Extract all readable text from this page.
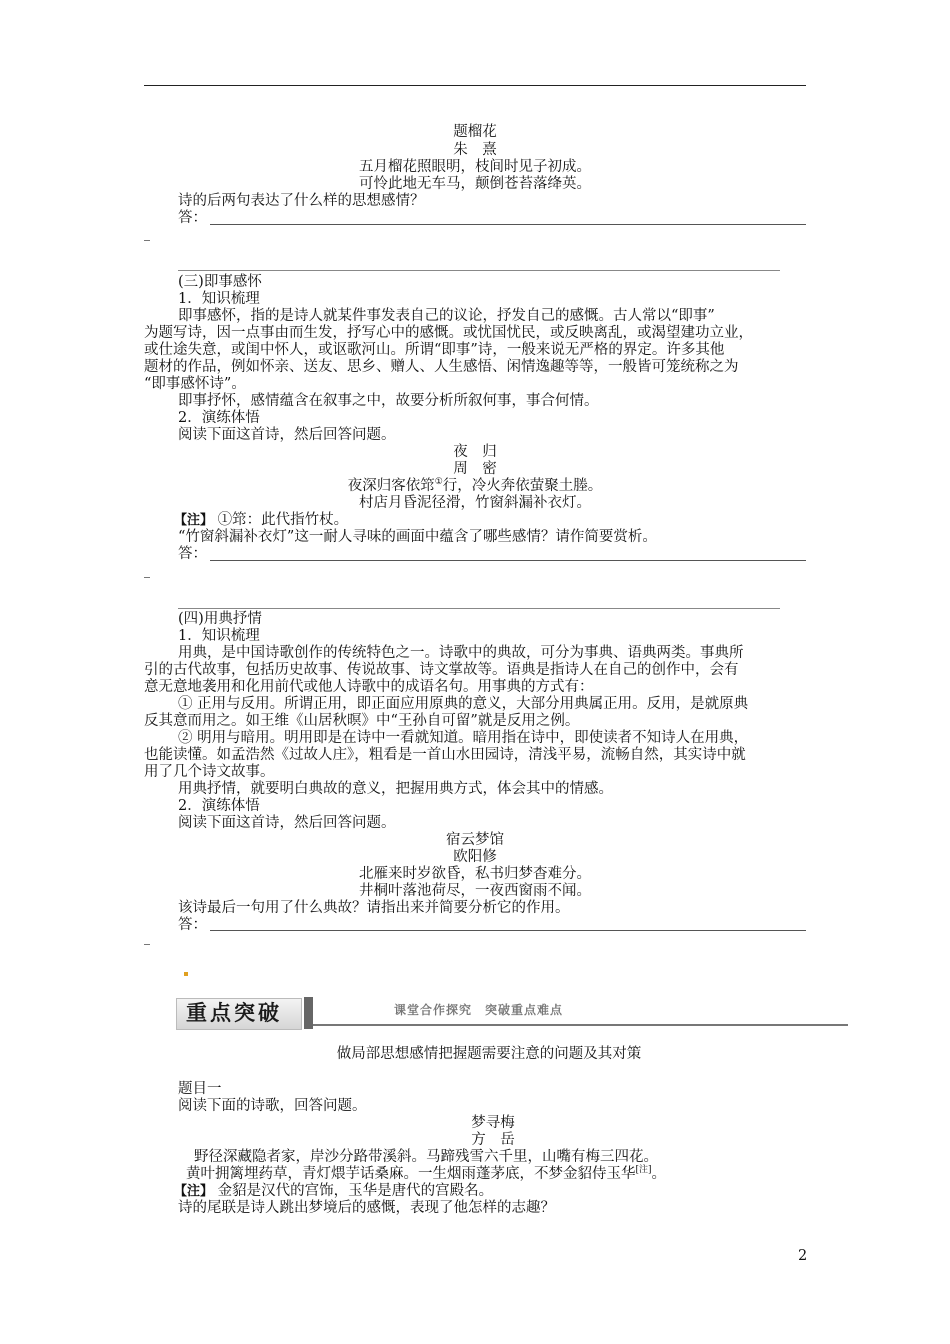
题榴花
朱　熹
五月榴花照眼明，枝间时见子初成。
可怜此地无车马，颠倒苍苔落绛英。
诗的后两句表达了什么样的思想感情？
答：
(三)即事感怀
1．知识梳理
即事感怀，指的是诗人就某件事发表自己的议论，抒发自己的感慨。古人常以“即事”
为题写诗，因一点事由而生发，抒写心中的感慨。或忧国忧民，或反映离乱，或渴望建功立业，
或仕途失意，或闺中怀人，或讴歌河山。所谓“即事”诗，一般来说无严格的界定。许多其他
题材的作品，例如怀亲、送友、思乡、赠人、人生感悟、闲情逸趣等等，一般皆可笼统称之为
“即事感怀诗”。
即事抒怀，感情蕴含在叙事之中，故要分析所叙何事，事合何情。
2．演练体悟
阅读下面这首诗，然后回答问题。
夜　归
周　密
夜深归客依筇①行，冷火奔依萤聚土塍。
村店月昏泥径滑，竹窗斜漏补衣灯。
【注】 ①筇：此代指竹杖。
“竹窗斜漏补衣灯”这一耐人寻味的画面中蕴含了哪些感情？请作简要赏析。
答：
(四)用典抒情
1．知识梳理
用典，是中国诗歌创作的传统特色之一。诗歌中的典故，可分为事典、语典两类。事典所
引的古代故事，包括历史故事、传说故事、诗文掌故等。语典是指诗人在自己的创作中，会有
意无意地袭用和化用前代或他人诗歌中的成语名句。用事典的方式有：
① 正用与反用。所谓正用，即正面应用原典的意义，大部分用典属正用。反用，是就原典
反其意而用之。如王维《山居秋暝》中“王孙自可留”就是反用之例。
② 明用与暗用。明用即是在诗中一看就知道。暗用指在诗中，即使读者不知诗人在用典，
也能读懂。如孟浩然《过故人庄》，粗看是一首山水田园诗，清浅平易，流畅自然，其实诗中就
用了几个诗文故事。
用典抒情，就要明白典故的意义，把握用典方式，体会其中的情感。
2．演练体悟
阅读下面这首诗，然后回答问题。
宿云梦馆
欧阳修
北雁来时岁欲昏，私书归梦杳难分。
井桐叶落池荷尽，一夜西窗雨不闻。
该诗最后一句用了什么典故？请指出来并简要分析它的作用。
答：
重点突破	课堂合作探究　突破重点难点
做局部思想感情把握题需要注意的问题及其对策
题目一
阅读下面的诗歌，回答问题。
梦寻梅
方　岳
野径深藏隐者家，岸沙分路带溪斜。马蹄残雪六千里，山嘴有梅三四花。
黄叶拥篱埋药草，青灯煨芋话桑麻。一生烟雨蓬茅底，不梦金貂侍玉华[注]。
【注】 金貂是汉代的宫饰，玉华是唐代的宫殿名。
诗的尾联是诗人跳出梦境后的感慨，表现了他怎样的志趣？
2
